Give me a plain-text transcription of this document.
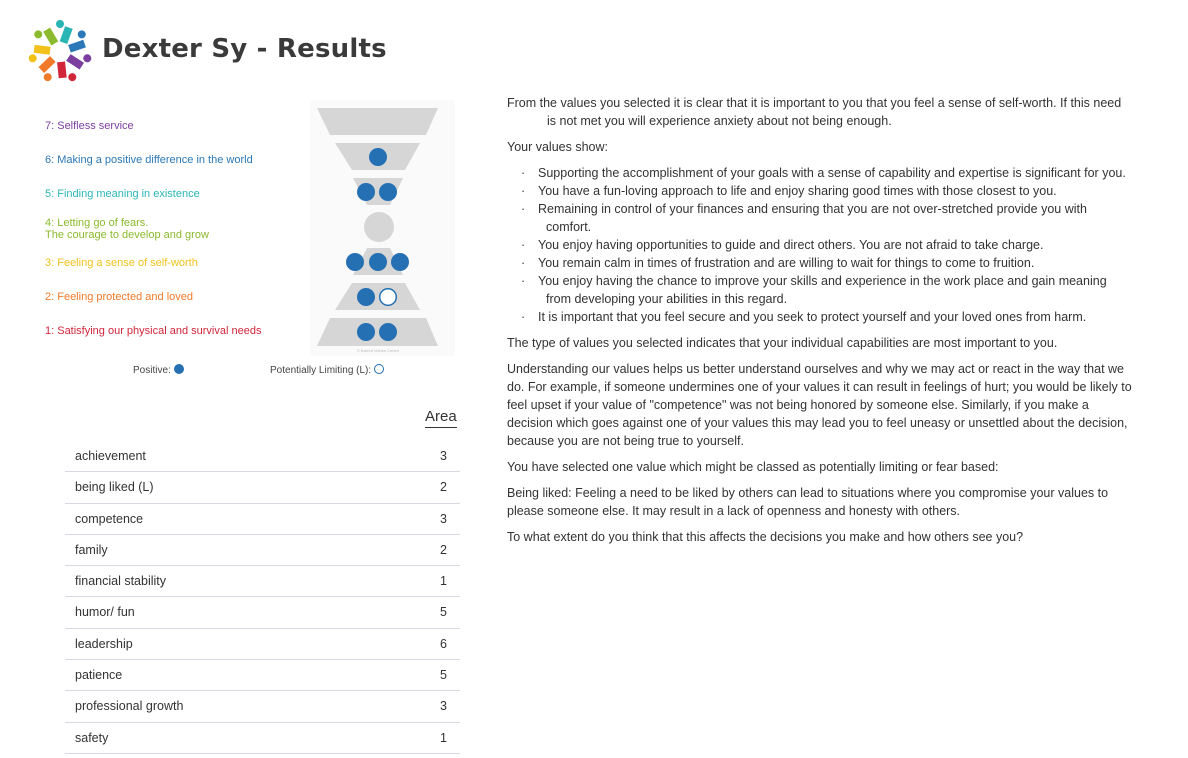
Dexter Sy - Results
7: Selfless service
6: Making a positive difference in the world
5: Finding meaning in existence
4: Letting go of fears.
The courage to develop and grow
3: Feeling a sense of self-worth
2: Feeling protected and loved
1: Satisfying our physical and survival needs
© Barrett Values Centre
Positive:	Potentially Limiting (L):
Area
achievement	3
being liked (L)	2
competence	3
family	2
financial stability	1
humor/ fun	5
leadership	6
patience	5
professional growth	3
safety	1

From the values you selected it is clear that it is important to you that you feel a sense of self-worth. If this need is not met you will experience anxiety about not being enough.

Your values show:

· Supporting the accomplishment of your goals with a sense of capability and expertise is significant for you.
· You have a fun-loving approach to life and enjoy sharing good times with those closest to you.
· Remaining in control of your finances and ensuring that you are not over-stretched provide you with comfort.
· You enjoy having opportunities to guide and direct others. You are not afraid to take charge.
· You remain calm in times of frustration and are willing to wait for things to come to fruition.
· You enjoy having the chance to improve your skills and experience in the work place and gain meaning from developing your abilities in this regard.
· It is important that you feel secure and you seek to protect yourself and your loved ones from harm.

The type of values you selected indicates that your individual capabilities are most important to you.

Understanding our values helps us better understand ourselves and why we may act or react in the way that we do. For example, if someone undermines one of your values it can result in feelings of hurt; you would be likely to feel upset if your value of "competence" was not being honored by someone else. Similarly, if you make a decision which goes against one of your values this may lead you to feel uneasy or unsettled about the decision, because you are not being true to yourself.

You have selected one value which might be classed as potentially limiting or fear based:

Being liked: Feeling a need to be liked by others can lead to situations where you compromise your values to please someone else. It may result in a lack of openness and honesty with others.

To what extent do you think that this affects the decisions you make and how others see you?
